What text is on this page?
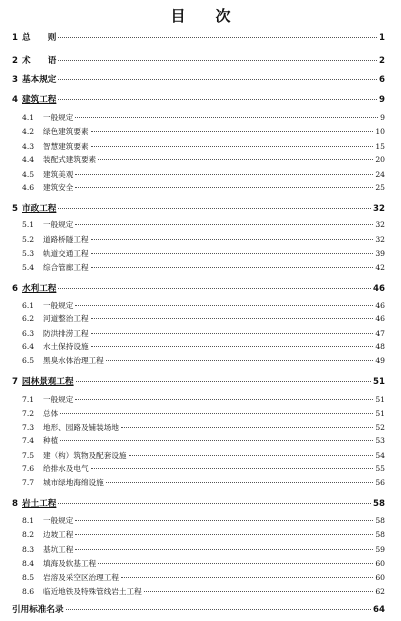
目　　次
1 总　　则	1
2 术　　语	2
3 基本规定	6
4 建筑工程	9
4.1	一般规定	9
4.2	绿色建筑要素	10
4.3	智慧建筑要素	15
4.4	装配式建筑要素	20
4.5	建筑美观	24
4.6	建筑安全	25
5 市政工程	32
5.1	一般规定	32
5.2	道路桥隧工程	32
5.3	轨道交通工程	39
5.4	综合管廊工程	42
6 水利工程	46
6.1	一般规定	46
6.2	河道整治工程	46
6.3	防洪排涝工程	47
6.4	水土保持设施	48
6.5	黑臭水体治理工程	49
7 园林景观工程	51
7.1	一般规定	51
7.2	总体	51
7.3	地形、园路及铺装场地	52
7.4	种植	53
7.5	建（构）筑物及配套设施	54
7.6	给排水及电气	55
7.7	城市绿地海绵设施	56
8 岩土工程	58
8.1	一般规定	58
8.2	边坡工程	58
8.3	基坑工程	59
8.4	填海及软基工程	60
8.5	岩溶及采空区治理工程	60
8.6	临近地铁及特殊管线岩土工程	62
引用标准名录	64
